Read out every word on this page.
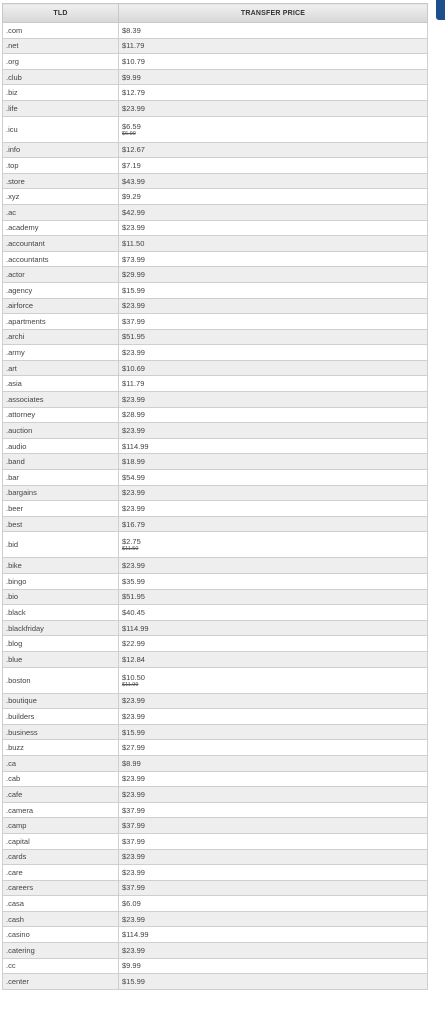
TLD	TRANSFER PRICE
.com	$8.39
.net	$11.79
.org	$10.79
.club	$9.99
.biz	$12.79
.life	$23.99
.icu	$6.59
$6.99

.info	$12.67
.top	$7.19
.store	$43.99
.xyz	$9.29
.ac	$42.99
.academy	$23.99
.accountant	$11.50
.accountants	$73.99
.actor	$29.99
.agency	$15.99
.airforce	$23.99
.apartments	$37.99
.archi	$51.95
.army	$23.99
.art	$10.69
.asia	$11.79
.associates	$23.99
.attorney	$28.99
.auction	$23.99
.audio	$114.99
.band	$18.99
.bar	$54.99
.bargains	$23.99
.beer	$23.99
.best	$16.79
.bid	$2.75
$11.50

.bike	$23.99
.bingo	$35.99
.bio	$51.95
.black	$40.45
.blackfriday	$114.99
.blog	$22.99
.blue	$12.84
.boston	$10.50
$11.99

.boutique	$23.99
.builders	$23.99
.business	$15.99
.buzz	$27.99
.ca	$8.99
.cab	$23.99
.cafe	$23.99
.camera	$37.99
.camp	$37.99
.capital	$37.99
.cards	$23.99
.care	$23.99
.careers	$37.99
.casa	$6.09
.cash	$23.99
.casino	$114.99
.catering	$23.99
.cc	$9.99
.center	$15.99
